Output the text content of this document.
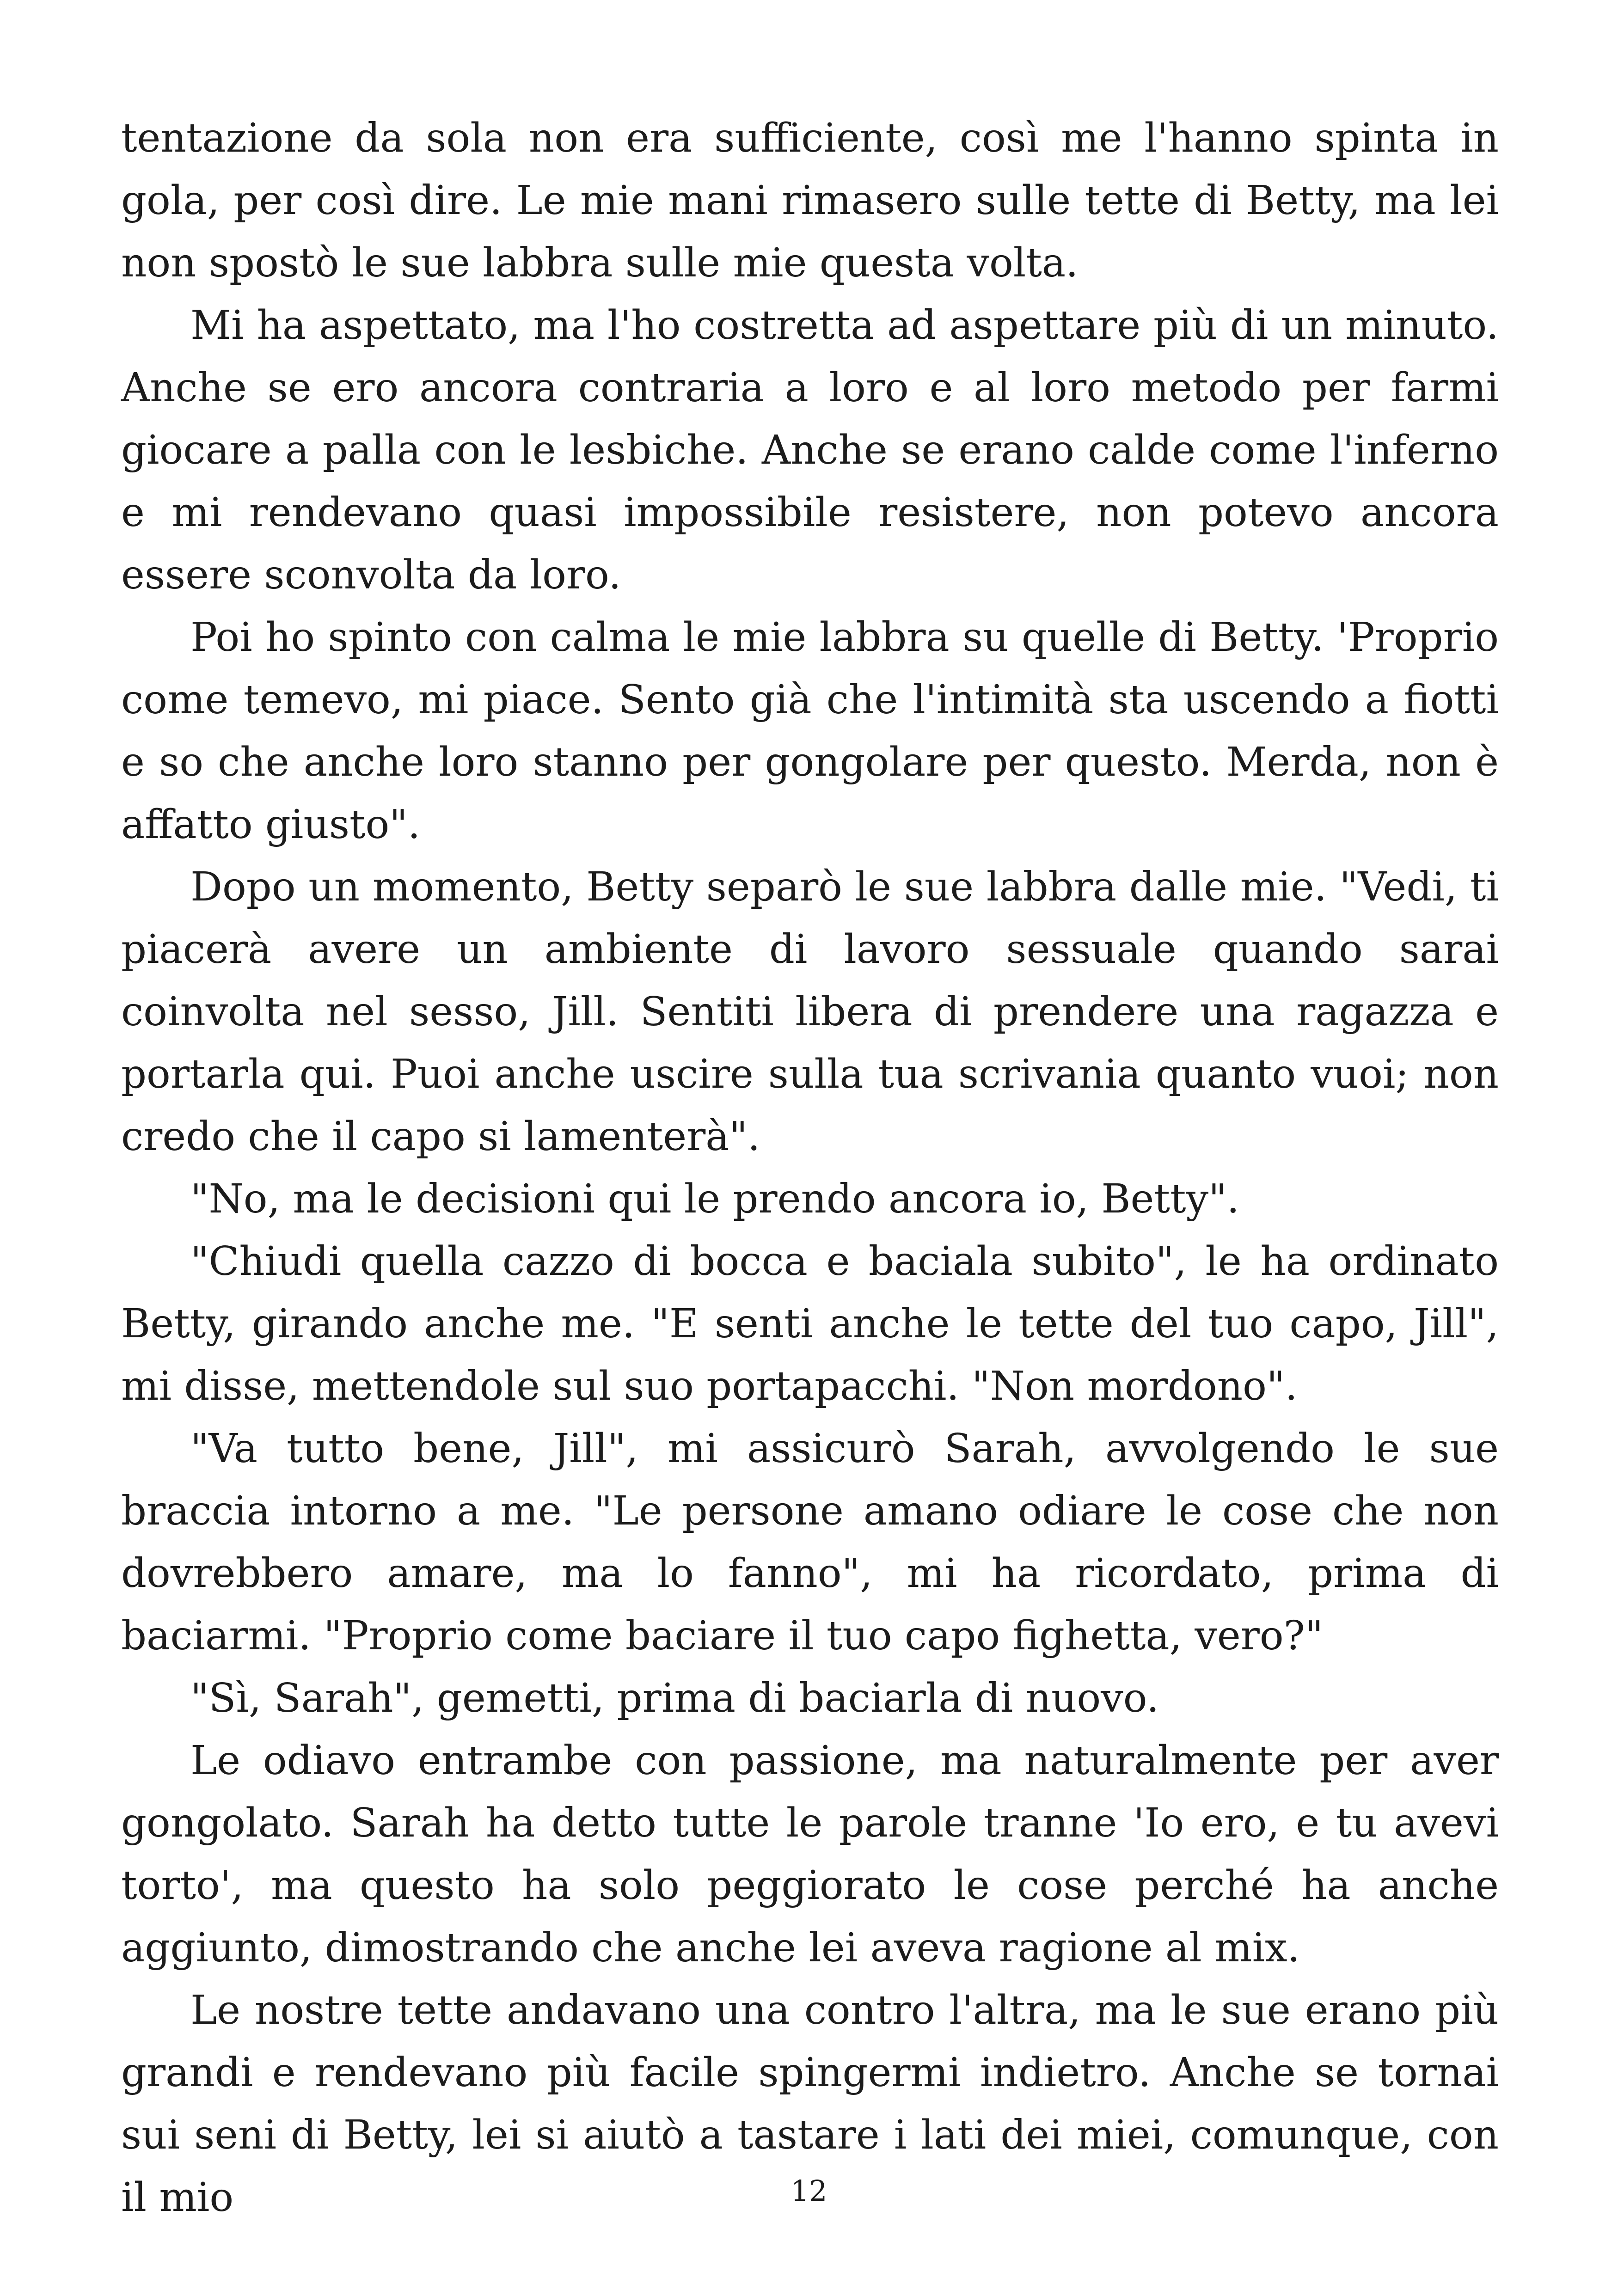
tentazione da sola non era sufficiente, così me l'hanno spinta in gola, per così dire. Le mie mani rimasero sulle tette di Betty, ma lei non spostò le sue labbra sulle mie questa volta.

Mi ha aspettato, ma l'ho costretta ad aspettare più di un minuto. Anche se ero ancora contraria a loro e al loro metodo per farmi giocare a palla con le lesbiche. Anche se erano calde come l'inferno e mi rendevano quasi impossibile resistere, non potevo ancora essere sconvolta da loro.

Poi ho spinto con calma le mie labbra su quelle di Betty. 'Proprio come temevo, mi piace. Sento già che l'intimità sta uscendo a fiotti e so che anche loro stanno per gongolare per questo. Merda, non è affatto giusto".

Dopo un momento, Betty separò le sue labbra dalle mie. "Vedi, ti piacerà avere un ambiente di lavoro sessuale quando sarai coinvolta nel sesso, Jill. Sentiti libera di prendere una ragazza e portarla qui. Puoi anche uscire sulla tua scrivania quanto vuoi; non credo che il capo si lamenterà".

"No, ma le decisioni qui le prendo ancora io, Betty".

"Chiudi quella cazzo di bocca e baciala subito", le ha ordinato Betty, girando anche me. "E senti anche le tette del tuo capo, Jill", mi disse, mettendole sul suo portapacchi. "Non mordono".

"Va tutto bene, Jill", mi assicurò Sarah, avvolgendo le sue braccia intorno a me. "Le persone amano odiare le cose che non dovrebbero amare, ma lo fanno", mi ha ricordato, prima di baciarmi. "Proprio come baciare il tuo capo fighetta, vero?"

"Sì, Sarah", gemetti, prima di baciarla di nuovo.

Le odiavo entrambe con passione, ma naturalmente per aver gongolato. Sarah ha detto tutte le parole tranne 'Io ero, e tu avevi torto', ma questo ha solo peggiorato le cose perché ha anche aggiunto, dimostrando che anche lei aveva ragione al mix.

Le nostre tette andavano una contro l'altra, ma le sue erano più grandi e rendevano più facile spingermi indietro. Anche se tornai sui seni di Betty, lei si aiutò a tastare i lati dei miei, comunque, con il mio	12
